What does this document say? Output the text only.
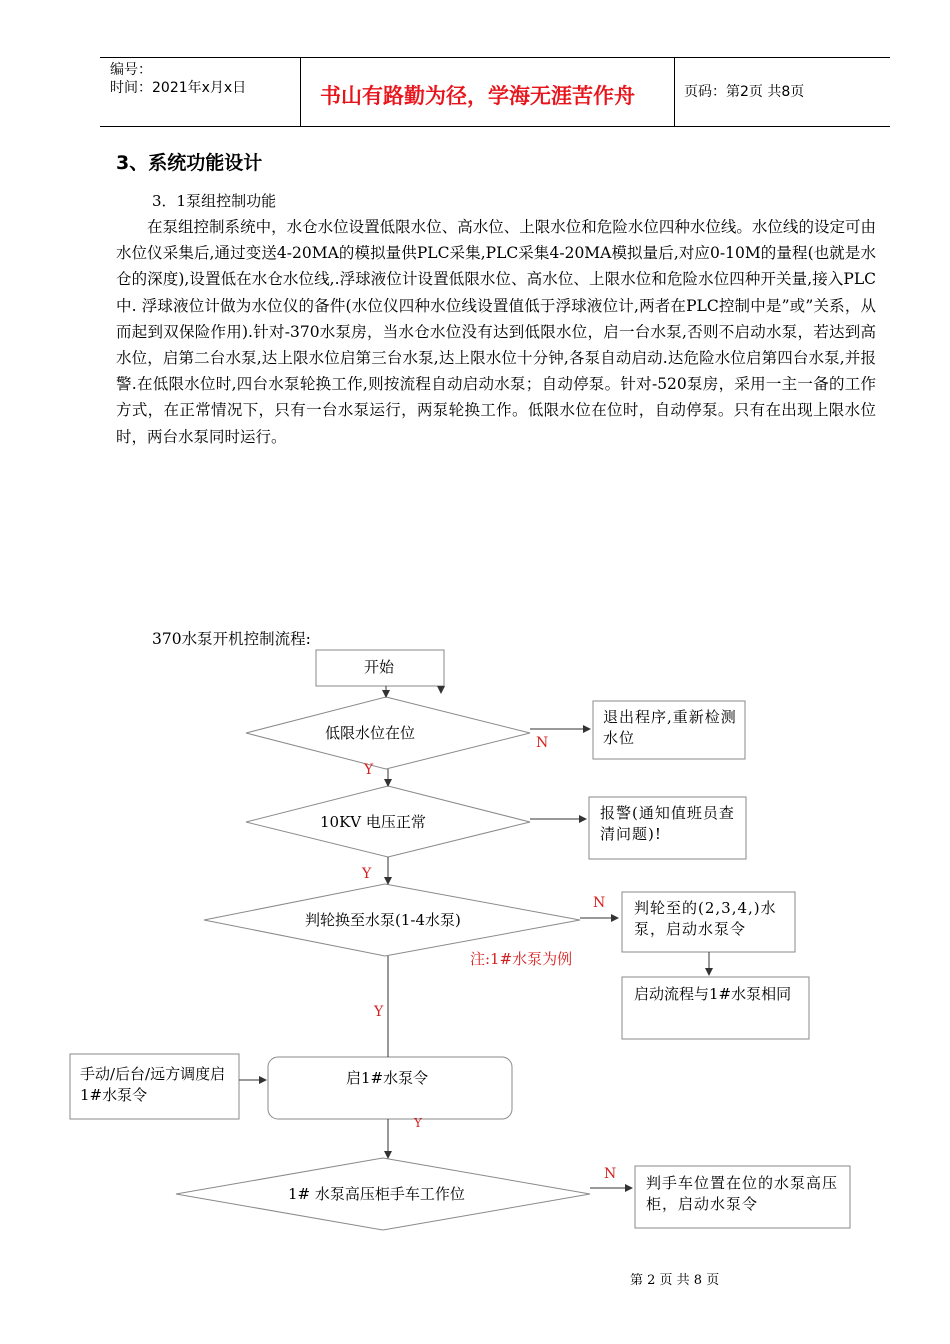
编号：
时间：2021年x月x日	书山有路勤为径，学海无涯苦作舟	页码：第2页 共8页
3、系统功能设计
3．1泵组控制功能
在泵组控制系统中，水仓水位设置低限水位、高水位、上限水位和危险水位四种水位线。水位线的设定可由水位仪采集后,通过变送4-20MA的模拟量供PLC采集,PLC采集4-20MA模拟量后,对应0-10M的量程(也就是水仓的深度),设置低在水仓水位线,.浮球液位计设置低限水位、高水位、上限水位和危险水位四种开关量,接入PLC中. 浮球液位计做为水位仪的备件(水位仪四种水位线设置值低于浮球液位计,两者在PLC控制中是”或”关系，从而起到双保险作用).针对-370水泵房，当水仓水位没有达到低限水位，启一台水泵,否则不启动水泵，若达到高水位，启第二台水泵,达上限水位启第三台水泵,达上限水位十分钟,各泵自动启动.达危险水位启第四台水泵,并报警.在低限水位时,四台水泵轮换工作,则按流程自动启动水泵；自动停泵。针对-520泵房，采用一主一备的工作方式，在正常情况下，只有一台水泵运行，两泵轮换工作。低限水位在位时，自动停泵。只有在出现上限水位时，两台水泵同时运行。
370水泵开机控制流程:
开始
低限水位在位
退出程序,重新检测水位
10KV 电压正常	报警(通知值班员查清问题)!
判轮换至水泵(1-4水泵)
判轮至的(2,3,4,)水泵，启动水泵令
启动流程与1#水泵相同
注:1#水泵为例
手动/后台/远方调度启1#水泵令
启1#水泵令
1# 水泵高压柜手车工作位
判手车位置在位的水泵高压柜，启动水泵令
N
Y
Y
N
Y
Y
N
第 2 页 共 8 页
